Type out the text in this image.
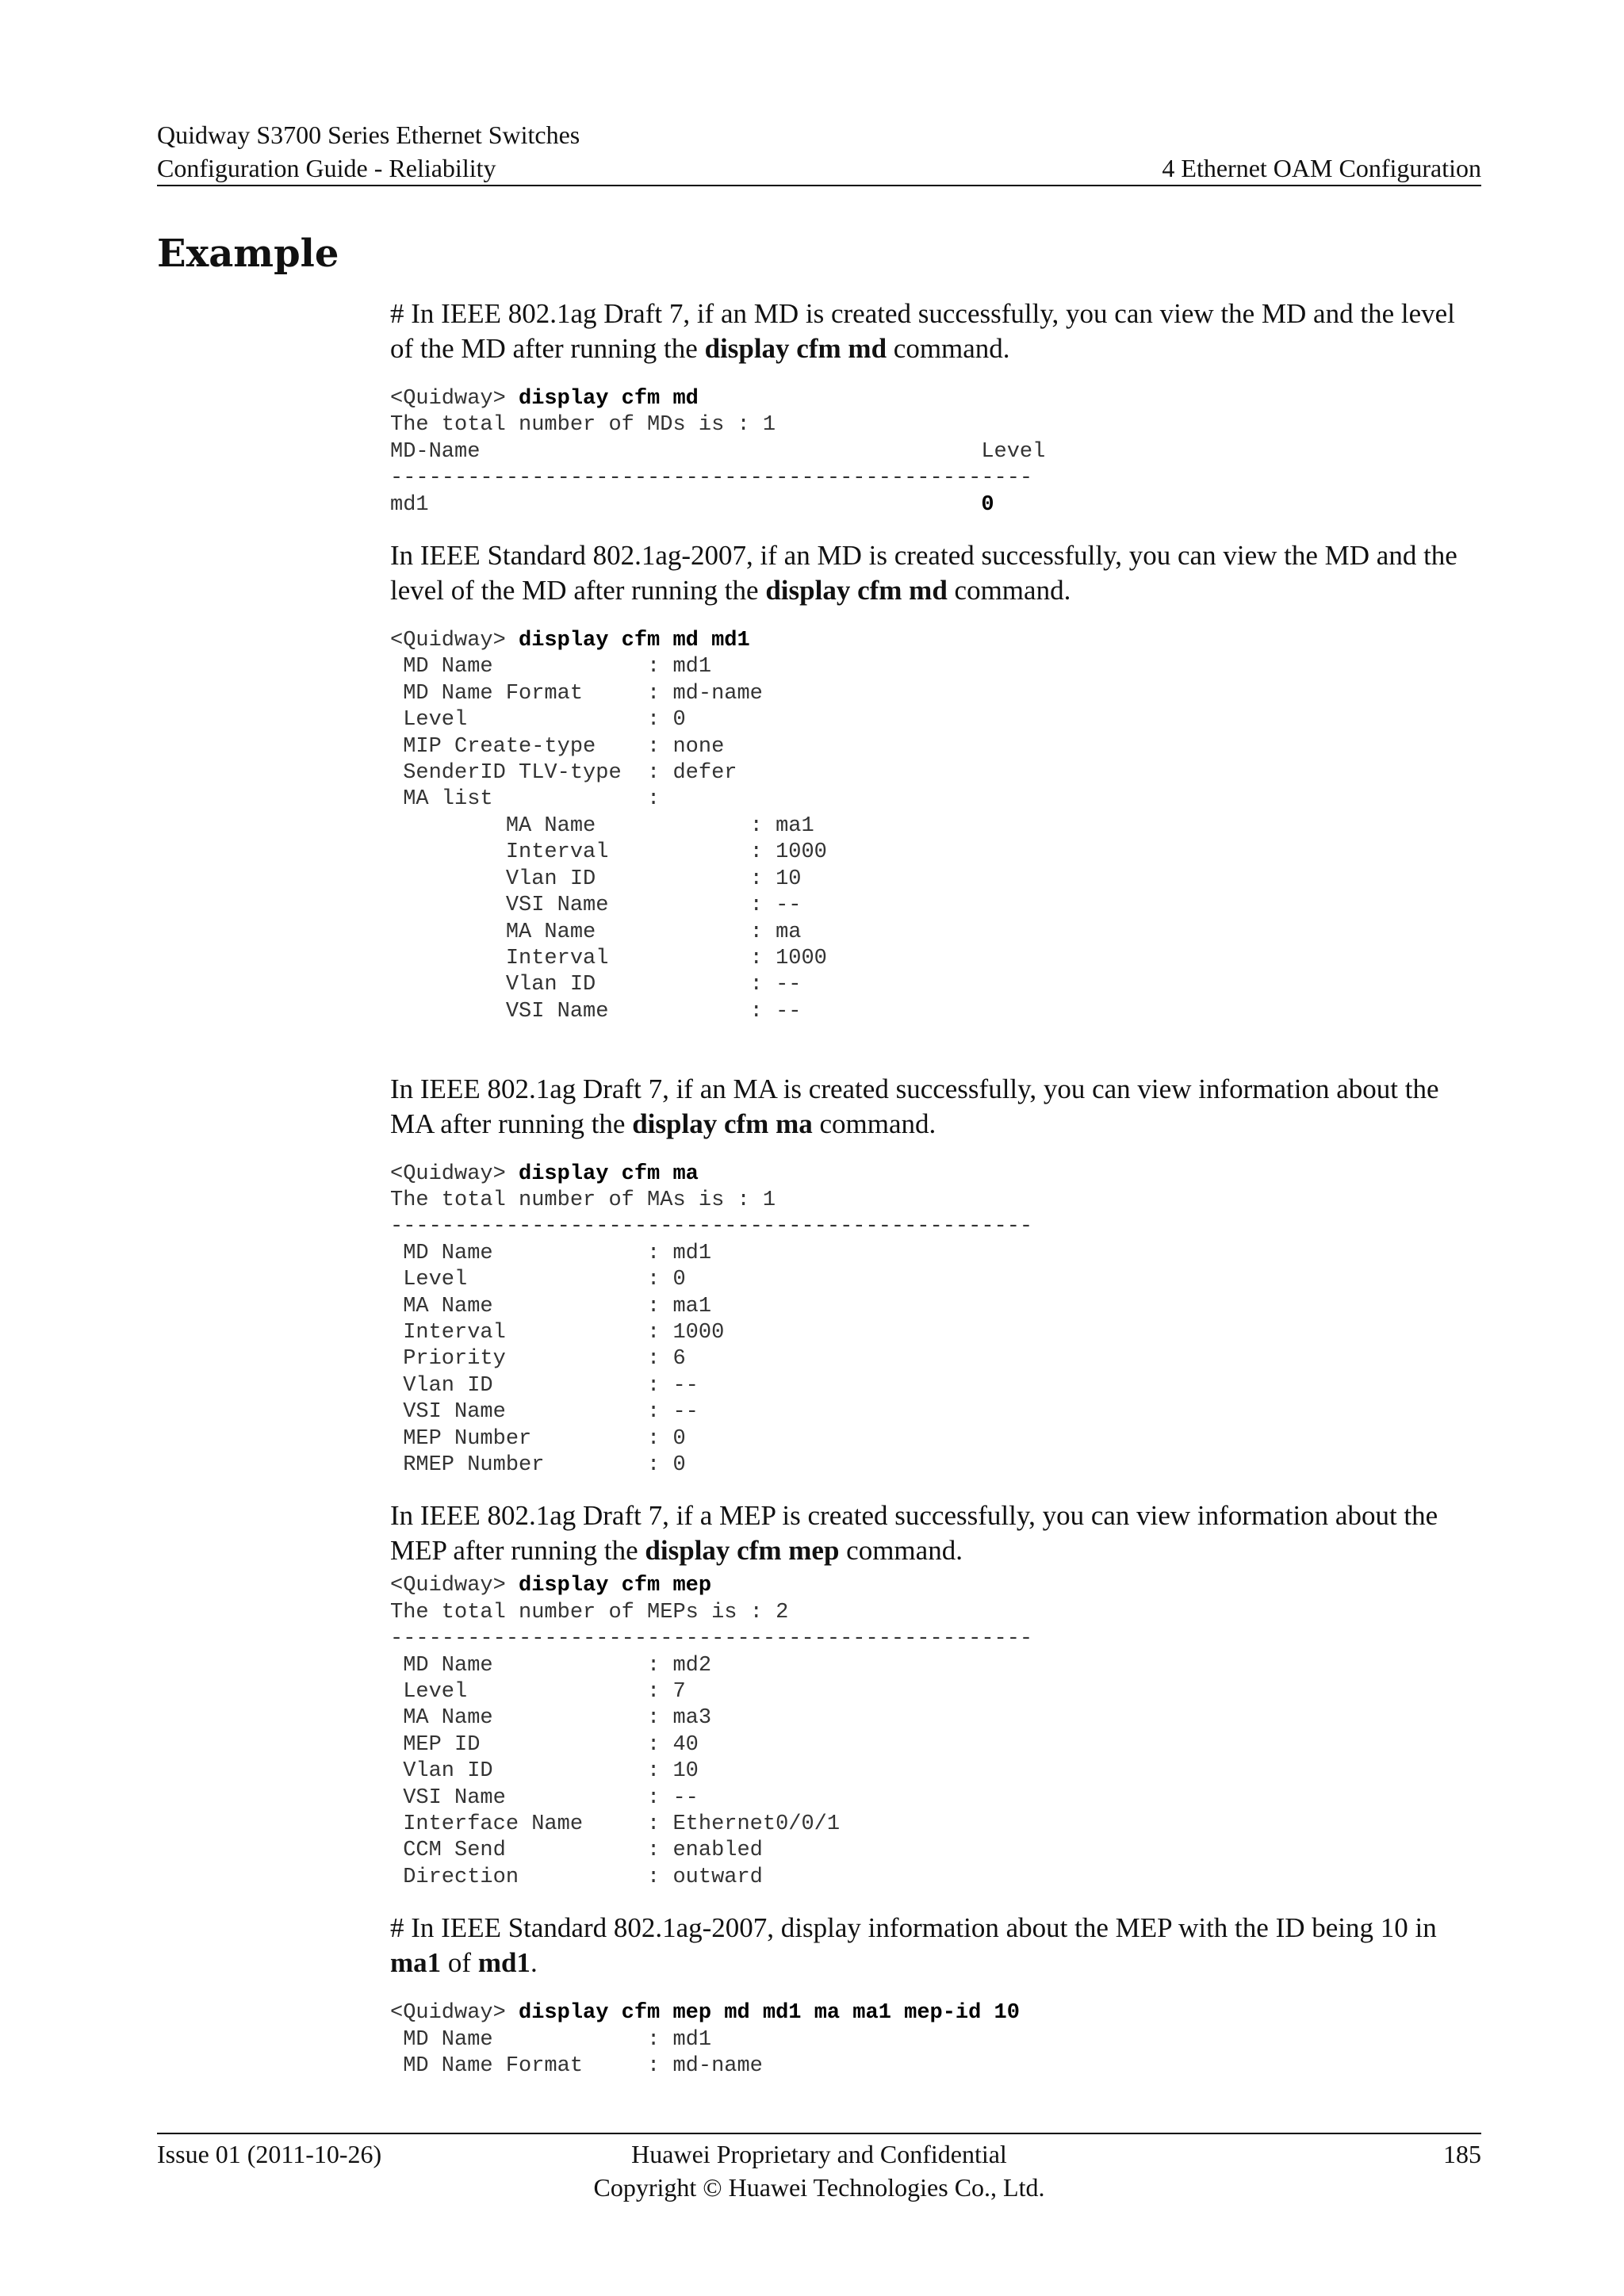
Quidway S3700 Series Ethernet Switches
Configuration Guide - Reliability	4 Ethernet OAM Configuration
Example

# In IEEE 802.1ag Draft 7, if an MD is created successfully, you can view the MD and the level of the MD after running the display cfm md command.

<Quidway> display cfm md
The total number of MDs is : 1
MD-Name                                       Level
--------------------------------------------------
md1                                           0

In IEEE Standard 802.1ag-2007, if an MD is created successfully, you can view the MD and the level of the MD after running the display cfm md command.

<Quidway> display cfm md md1
MD Name            : md1
MD Name Format     : md-name
Level              : 0
MIP Create-type    : none
SenderID TLV-type  : defer
MA list            :
MA Name            : ma1
Interval           : 1000
Vlan ID            : 10
VSI Name           : --
MA Name            : ma
Interval           : 1000
Vlan ID            : --
VSI Name           : --

In IEEE 802.1ag Draft 7, if an MA is created successfully, you can view information about the MA after running the display cfm ma command.

<Quidway> display cfm ma
The total number of MAs is : 1
--------------------------------------------------
MD Name            : md1
Level              : 0
MA Name            : ma1
Interval           : 1000
Priority           : 6
Vlan ID            : --
VSI Name           : --
MEP Number         : 0
RMEP Number        : 0

In IEEE 802.1ag Draft 7, if a MEP is created successfully, you can view information about the MEP after running the display cfm mep command.

<Quidway> display cfm mep
The total number of MEPs is : 2
--------------------------------------------------
MD Name            : md2
Level              : 7
MA Name            : ma3
MEP ID             : 40
Vlan ID            : 10
VSI Name           : --
Interface Name     : Ethernet0/0/1
CCM Send           : enabled
Direction          : outward

# In IEEE Standard 802.1ag-2007, display information about the MEP with the ID being 10 in ma1 of md1.

<Quidway> display cfm mep md md1 ma ma1 mep-id 10
MD Name            : md1
MD Name Format     : md-name
Issue 01 (2011-10-26)	Huawei Proprietary and Confidential
Copyright © Huawei Technologies Co., Ltd.
185
